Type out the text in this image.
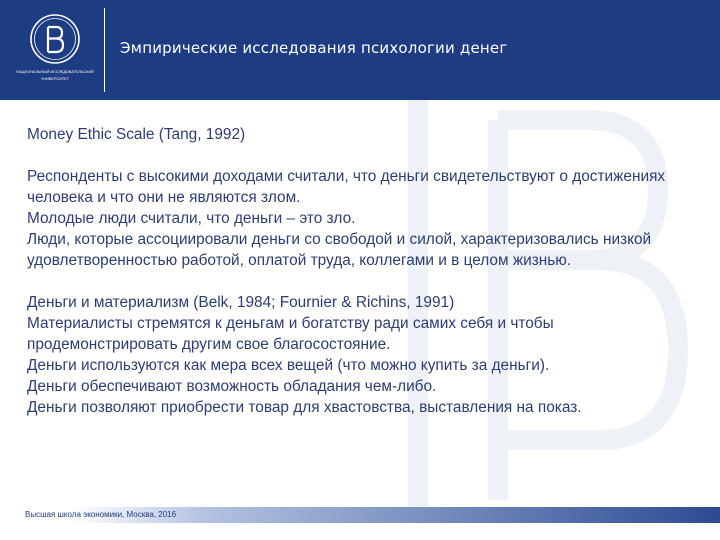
НАЦИОНАЛЬНЫЙ ИССЛЕДОВАТЕЛЬСКИЙ
УНИВЕРСИТЕТ
Эмпирические исследования психологии денег

Money Ethic Scale (Tang, 1992)

Респонденты с высокими доходами считали, что деньги свидетельствуют о достижениях человека и что они не являются злом.

Молодые люди считали, что деньги – это зло.

Люди, которые ассоциировали деньги со свободой и силой, характеризовались низкой удовлетворенностью работой, оплатой труда, коллегами и в целом жизнью.

Деньги и материализм (Belk, 1984; Fournier & Richins, 1991)

Материалисты стремятся к деньгам и богатству ради самих себя и чтобы продемонстрировать другим свое благосостояние.

Деньги используются как мера всех вещей (что можно купить за деньги).

Деньги обеспечивают возможность обладания чем-либо.

Деньги позволяют приобрести товар для хвастовства, выставления на показ.

Высшая школа экономики, Москва, 2016
